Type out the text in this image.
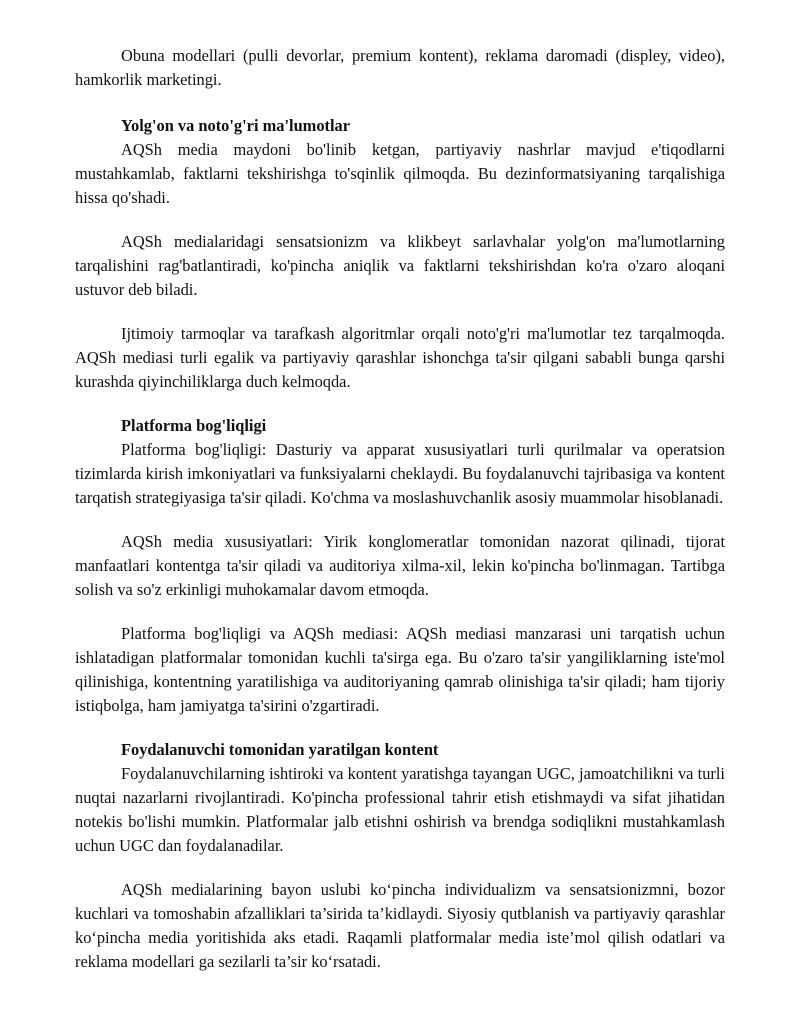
Obuna modellari (pulli devorlar, premium kontent), reklama daromadi (displey, video), hamkorlik marketingi.

Yolg'on va noto'g'ri ma'lumotlar

AQSh media maydoni bo'linib ketgan, partiyaviy nashrlar mavjud e'tiqodlarni mustahkamlab, faktlarni tekshirishga to'sqinlik qilmoqda. Bu dezinformatsiyaning tarqalishiga hissa qo'shadi.

AQSh medialaridagi sensatsionizm va klikbeyt sarlavhalar yolg'on ma'lumotlarning tarqalishini rag'batlantiradi, ko'pincha aniqlik va faktlarni tekshirishdan ko'ra o'zaro aloqani ustuvor deb biladi.

Ijtimoiy tarmoqlar va tarafkash algoritmlar orqali noto'g'ri ma'lumotlar tez tarqalmoqda. AQSh mediasi turli egalik va partiyaviy qarashlar ishonchga ta'sir qilgani sababli bunga qarshi kurashda qiyinchiliklarga duch kelmoqda.

Platforma bog'liqligi

Platforma bog'liqligi: Dasturiy va apparat xususiyatlari turli qurilmalar va operatsion tizimlarda kirish imkoniyatlari va funksiyalarni cheklaydi. Bu foydalanuvchi tajribasiga va kontent tarqatish strategiyasiga ta'sir qiladi. Ko'chma va moslashuvchanlik asosiy muammolar hisoblanadi.

AQSh media xususiyatlari: Yirik konglomeratlar tomonidan nazorat qilinadi, tijorat manfaatlari kontentga ta'sir qiladi va auditoriya xilma-xil, lekin ko'pincha bo'linmagan. Tartibga solish va so'z erkinligi muhokamalar davom etmoqda.

Platforma bog'liqligi va AQSh mediasi: AQSh mediasi manzarasi uni tarqatish uchun ishlatadigan platformalar tomonidan kuchli ta'sirga ega. Bu o'zaro ta'sir yangiliklarning iste'mol qilinishiga, kontentning yaratilishiga va auditoriyaning qamrab olinishiga ta'sir qiladi; ham tijoriy istiqbolga, ham jamiyatga ta'sirini o'zgartiradi.

Foydalanuvchi tomonidan yaratilgan kontent

Foydalanuvchilarning ishtiroki va kontent yaratishga tayangan UGC, jamoatchilikni va turli nuqtai nazarlarni rivojlantiradi. Ko'pincha professional tahrir etish etishmaydi va sifat jihatidan notekis bo'lishi mumkin. Platformalar jalb etishni oshirish va brendga sodiqlikni mustahkamlash uchun UGC dan foydalanadilar.

AQSh medialarining bayon uslubi ko‘pincha individualizm va sensatsionizmni, bozor kuchlari va tomoshabin afzalliklari ta’sirida ta’kidlaydi. Siyosiy qutblanish va partiyaviy qarashlar ko‘pincha media yoritishida aks etadi. Raqamli platformalar media iste’mol qilish odatlari va reklama modellari ga sezilarli ta’sir ko‘rsatadi.
